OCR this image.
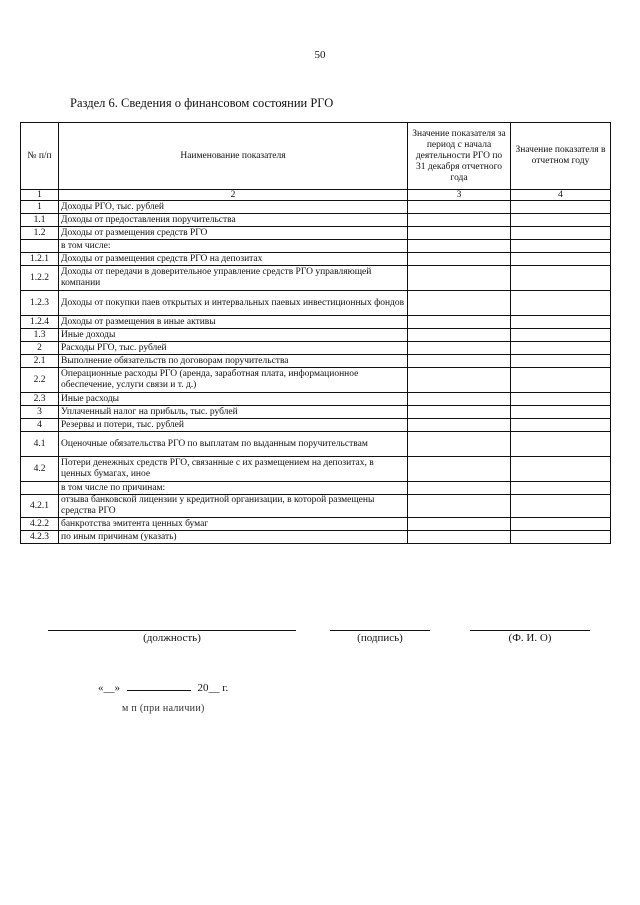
50
Раздел 6. Сведения о финансовом состоянии РГО
№ п/п	Наименование показателя	Значение показателя за период с начала деятельности РГО по 31 декабря отчетного года	Значение показателя в отчетном году
1	2	3	4
1	Доходы РГО, тыс. рублей		
1.1	Доходы от предоставления поручительства		
1.2	Доходы от размещения средств РГО		
	в том числе:		
1.2.1	Доходы от размещения средств РГО на депозитах		
1.2.2	Доходы от передачи в доверительное управление средств РГО управляющей компании		
1.2.3	Доходы от покупки паев открытых и интервальных паевых инвестиционных фондов		
1.2.4	Доходы от размещения в иные активы		
1.3	Иные доходы		
2	Расходы РГО, тыс. рублей		
2.1	Выполнение обязательств по договорам поручительства		
2.2	Операционные расходы РГО (аренда, заработная плата, информационное обеспечение, услуги связи и т. д.)		
2.3	Иные расходы		
3	Уплаченный налог на прибыль, тыс. рублей		
4	Резервы и потери, тыс. рублей		
4.1	Оценочные обязательства РГО по выплатам по выданным поручительствам		
4.2	Потери денежных средств РГО, связанные с их размещением на депозитах, в ценных бумагах, иное		
	в том числе по причинам:		
4.2.1	отзыва банковской лицензии у кредитной организации, в которой размещены средства РГО		
4.2.2	банкротства эмитента ценных бумаг		
4.2.3	по иным причинам (указать)		
(должность)	(подпись)	(Ф. И. О)
«__»	20__ г.
м п (при наличии)
